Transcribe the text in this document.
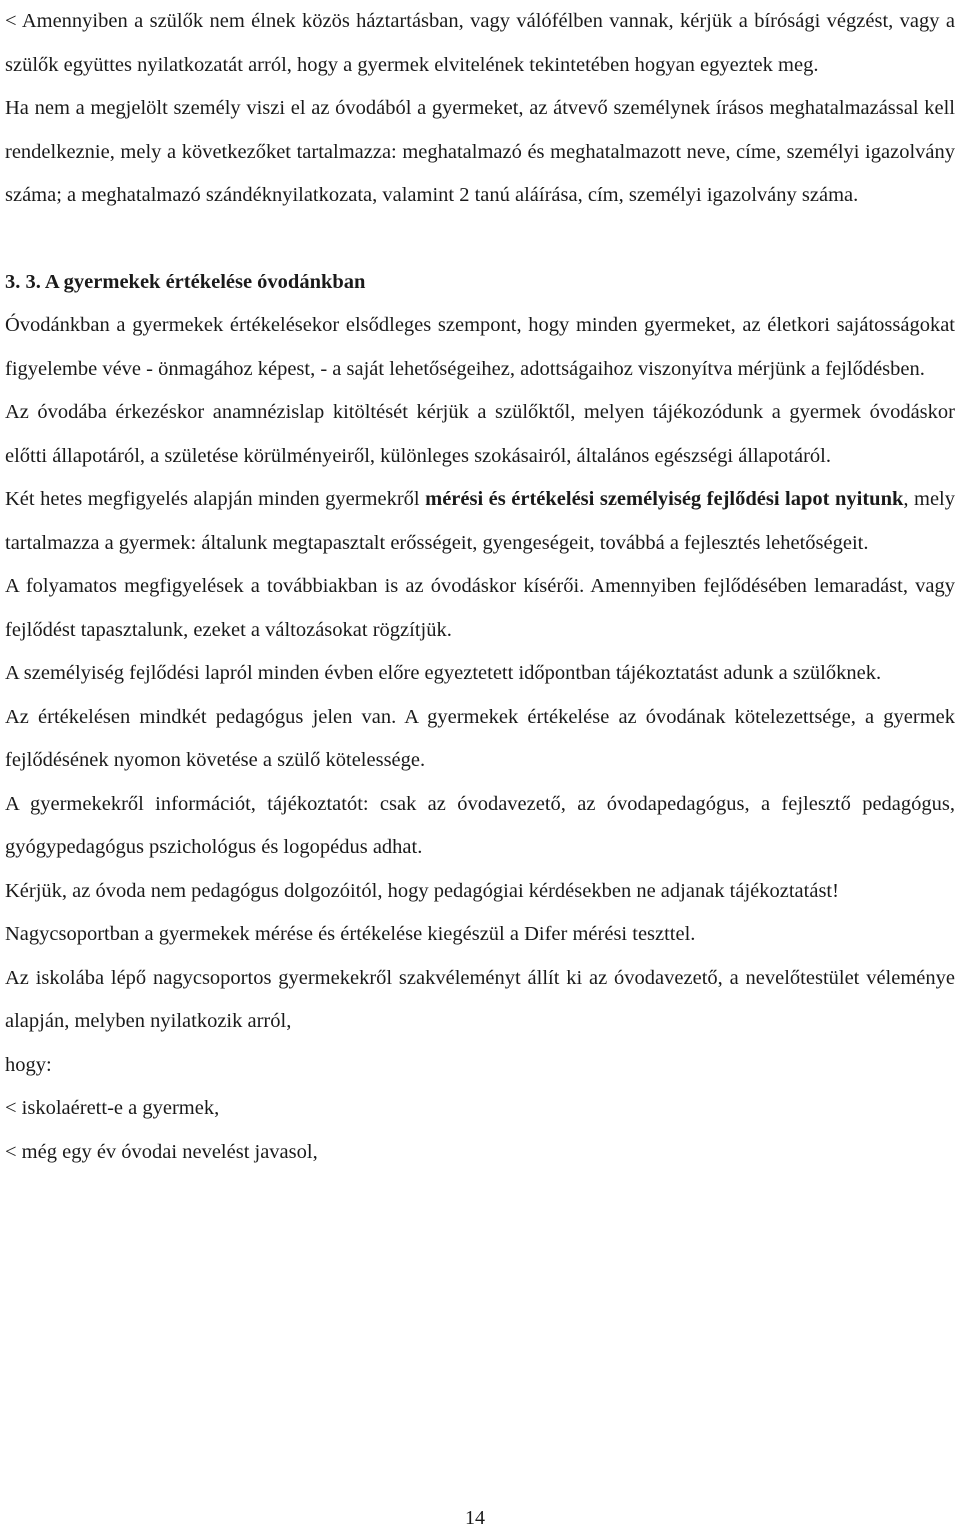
< Amennyiben a szülők nem élnek közös háztartásban, vagy válófélben vannak, kérjük a bírósági végzést, vagy a szülők együttes nyilatkozatát arról, hogy a gyermek elvitelének tekintetében hogyan egyeztek meg.

Ha nem a megjelölt személy viszi el az óvodából a gyermeket, az átvevő személynek írásos meghatalmazással kell rendelkeznie, mely a következőket tartalmazza: meghatalmazó és meghatalmazott neve, címe, személyi igazolvány száma; a meghatalmazó szándéknyilatkozata, valamint 2 tanú aláírása, cím, személyi igazolvány száma.

3. 3. A gyermekek értékelése óvodánkban

Óvodánkban a gyermekek értékelésekor elsődleges szempont, hogy minden gyermeket, az életkori sajátosságokat figyelembe véve - önmagához képest, - a saját lehetőségeihez, adottságaihoz viszonyítva mérjünk a fejlődésben.

Az óvodába érkezéskor anamnézislap kitöltését kérjük a szülőktől, melyen tájékozódunk a gyermek óvodáskor előtti állapotáról, a születése körülményeiről, különleges szokásairól, általános egészségi állapotáról.

Két hetes megfigyelés alapján minden gyermekről mérési és értékelési személyiség fejlődési lapot nyitunk, mely tartalmazza a gyermek: általunk megtapasztalt erősségeit, gyengeségeit, továbbá a fejlesztés lehetőségeit.

A folyamatos megfigyelések a továbbiakban is az óvodáskor kísérői. Amennyiben fejlődésében lemaradást, vagy fejlődést tapasztalunk, ezeket a változásokat rögzítjük.

A személyiség fejlődési lapról minden évben előre egyeztetett időpontban tájékoztatást adunk a szülőknek.

Az értékelésen mindkét pedagógus jelen van. A gyermekek értékelése az óvodának kötelezettsége, a gyermek fejlődésének nyomon követése a szülő kötelessége.

A gyermekekről információt, tájékoztatót: csak az óvodavezető, az óvodapedagógus, a fejlesztő pedagógus, gyógypedagógus pszichológus és logopédus adhat.

Kérjük, az óvoda nem pedagógus dolgozóitól, hogy pedagógiai kérdésekben ne adjanak tájékoztatást!

Nagycsoportban a gyermekek mérése és értékelése kiegészül a Difer mérési teszttel.

Az iskolába lépő nagycsoportos gyermekekről szakvéleményt állít ki az óvodavezető, a nevelőtestület véleménye alapján, melyben nyilatkozik arról,

hogy:

< iskolaérett-e a gyermek,

< még egy év óvodai nevelést javasol,

14
